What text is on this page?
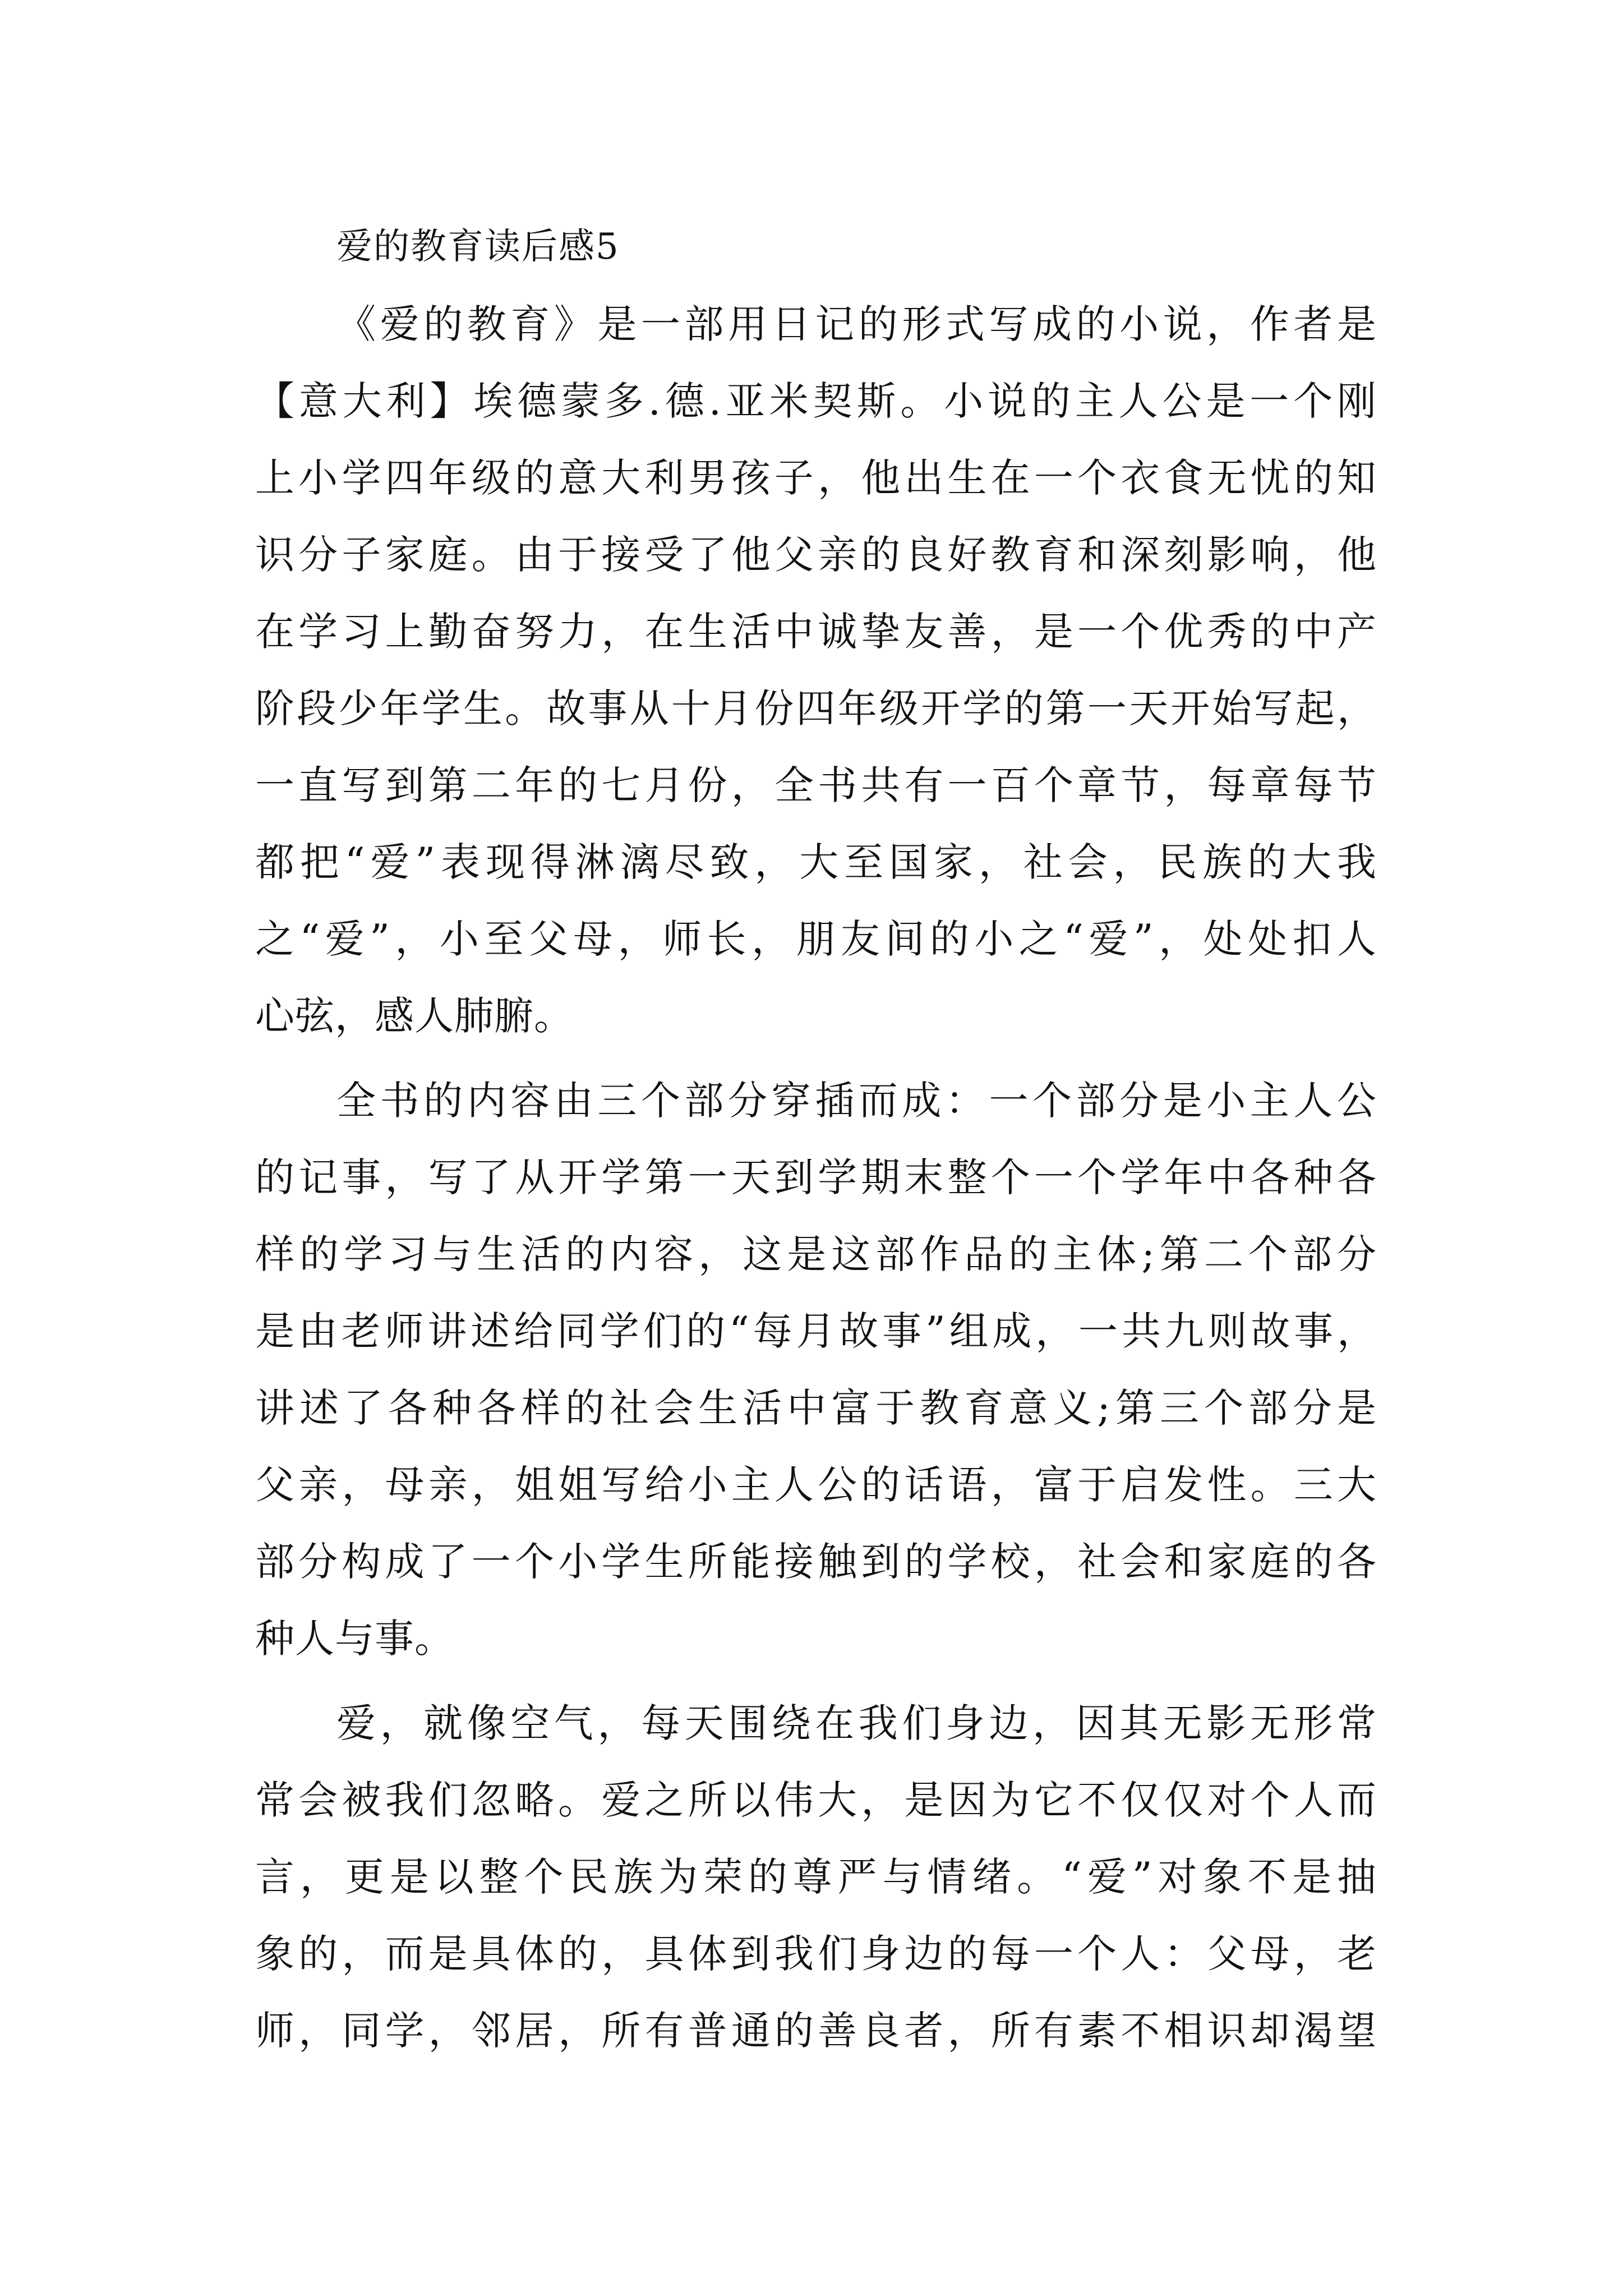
爱的教育读后感5
《爱的教育》是一部用日记的形式写成的小说，作者是
【意大利】埃德蒙多.德.亚米契斯。小说的主人公是一个刚
上小学四年级的意大利男孩子，他出生在一个衣食无忧的知
识分子家庭。由于接受了他父亲的良好教育和深刻影响，他
在学习上勤奋努力，在生活中诚挚友善，是一个优秀的中产
阶段少年学生。故事从十月份四年级开学的第一天开始写起，
一直写到第二年的七月份，全书共有一百个章节，每章每节
都把“爱”表现得淋漓尽致，大至国家，社会，民族的大我
之“爱”，小至父母，师长，朋友间的小之“爱”，处处扣人
心弦，感人肺腑。
全书的内容由三个部分穿插而成：一个部分是小主人公
的记事，写了从开学第一天到学期末整个一个学年中各种各
样的学习与生活的内容，这是这部作品的主体;第二个部分
是由老师讲述给同学们的“每月故事”组成，一共九则故事，
讲述了各种各样的社会生活中富于教育意义;第三个部分是
父亲，母亲，姐姐写给小主人公的话语，富于启发性。三大
部分构成了一个小学生所能接触到的学校，社会和家庭的各
种人与事。
爱，就像空气，每天围绕在我们身边，因其无影无形常
常会被我们忽略。爱之所以伟大，是因为它不仅仅对个人而
言，更是以整个民族为荣的尊严与情绪。“爱”对象不是抽
象的，而是具体的，具体到我们身边的每一个人：父母，老
师，同学，邻居，所有普通的善良者，所有素不相识却渴望
